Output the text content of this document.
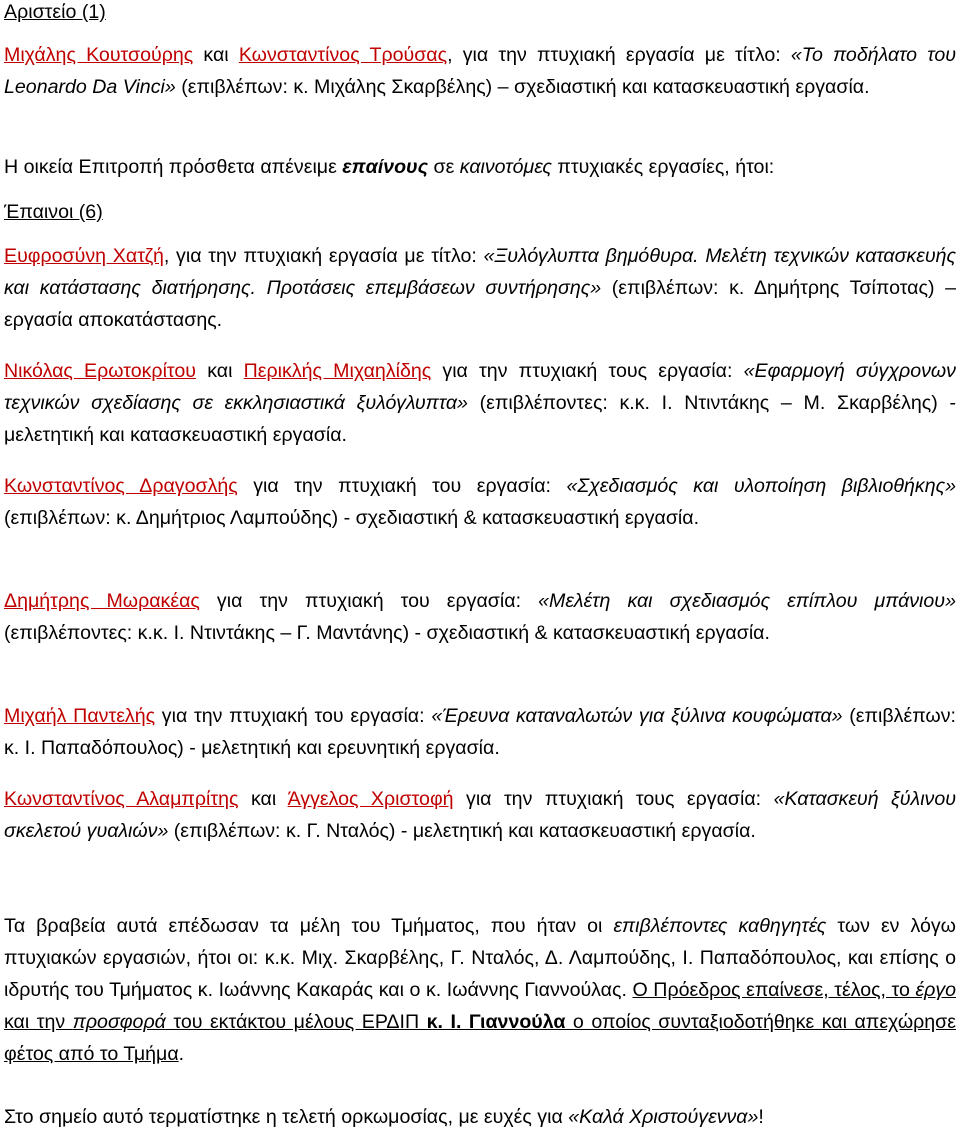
Αριστείο (1)

Μιχάλης Κουτσούρης και Κωνσταντίνος Τρούσας, για την πτυχιακή εργασία με τίτλο: «Το ποδήλατο του Leonardo Da Vinci» (επιβλέπων: κ. Μιχάλης Σκαρβέλης) – σχεδιαστική και κατασκευαστική εργασία.

Η οικεία Επιτροπή πρόσθετα απένειμε επαίνους σε καινοτόμες πτυχιακές εργασίες, ήτοι:

Έπαινοι (6)

Ευφροσύνη Χατζή, για την πτυχιακή εργασία με τίτλο: «Ξυλόγλυπτα βημόθυρα. Μελέτη τεχνικών κατασκευής και κατάστασης διατήρησης. Προτάσεις επεμβάσεων συντήρησης» (επιβλέπων: κ. Δημήτρης Τσίποτας) – εργασία αποκατάστασης.

Νικόλας Ερωτοκρίτου και Περικλής Μιχαηλίδης για την πτυχιακή τους εργασία: «Εφαρμογή σύγχρονων τεχνικών σχεδίασης σε εκκλησιαστικά ξυλόγλυπτα» (επιβλέποντες: κ.κ. Ι. Ντιντάκης – Μ. Σκαρβέλης) - μελετητική και κατασκευαστική εργασία.

Κωνσταντίνος Δραγοσλής για την πτυχιακή του εργασία: «Σχεδιασμός και υλοποίηση βιβλιοθήκης» (επιβλέπων: κ. Δημήτριος Λαμπούδης) - σχεδιαστική & κατασκευαστική εργασία.

Δημήτρης Μωρακέας για την πτυχιακή του εργασία: «Μελέτη και σχεδιασμός επίπλου μπάνιου» (επιβλέποντες: κ.κ. Ι. Ντιντάκης – Γ. Μαντάνης) - σχεδιαστική & κατασκευαστική εργασία.

Μιχαήλ Παντελής για την πτυχιακή του εργασία: «Έρευνα καταναλωτών για ξύλινα κουφώματα» (επιβλέπων: κ. Ι. Παπαδόπουλος) - μελετητική και ερευνητική εργασία.

Κωνσταντίνος Αλαμπρίτης και Άγγελος Χριστοφή για την πτυχιακή τους εργασία: «Κατασκευή ξύλινου σκελετού γυαλιών» (επιβλέπων: κ. Γ. Νταλός) - μελετητική και κατασκευαστική εργασία.

Τα βραβεία αυτά επέδωσαν τα μέλη του Τμήματος, που ήταν οι επιβλέποντες καθηγητές των εν λόγω πτυχιακών εργασιών, ήτοι οι: κ.κ. Μιχ. Σκαρβέλης, Γ. Νταλός, Δ. Λαμπούδης, Ι. Παπαδόπουλος, και επίσης ο ιδρυτής του Τμήματος κ. Ιωάννης Κακαράς και ο κ. Ιωάννης Γιαννούλας. Ο Πρόεδρος επαίνεσε, τέλος, το έργο και την προσφορά του εκτάκτου μέλους ΕΡΔΙΠ κ. Ι. Γιαννούλα ο οποίος συνταξιοδοτήθηκε και απεχώρησε φέτος από το Τμήμα.

Στο σημείο αυτό τερματίστηκε η τελετή ορκωμοσίας, με ευχές για «Καλά Χριστούγεννα»!
